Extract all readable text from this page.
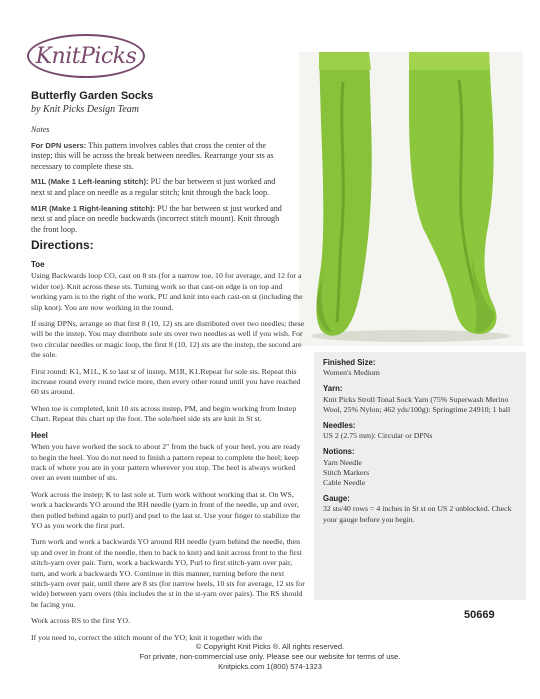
KnitPicks
Butterfly Garden Socks
by Knit Picks Design Team

Notes

For DPN users: This pattern involves cables that cross the center of the instep; this will be across the break between needles. Rearrange your sts as necessary to complete these sts.

M1L (Make 1 Left-leaning stitch): PU the bar between st just worked and next st and place on needle as a regular stitch; knit through the back loop.

M1R (Make 1 Right-leaning stitch): PU the bar between st just worked and next st and place on needle backwards (incorrect stitch mount). Knit through the front loop.

Directions:
Toe

Using Backwards loop CO, cast on 8 sts (for a narrow toe, 10 for average, and 12 for a wider toe). Knit across these sts. Turning work so that cast-on edge is on top and working yarn is to the right of the work, PU and knit into each cast-on st (including the slip knot). You are now working in the round.

If using DPNs, arrange so that first 8 (10, 12) sts are distributed over two needles; these will be the instep. You may distribute sole sts over two needles as well if you wish. For two circular needles or magic loop, the first 8 (10, 12) sts are the instep, the second are the sole.

First round: K1, M1L, K to last st of instep, M1R, K1.Repeat for sole sts. Repeat this increase round every round twice more, then every other round until you have reached 60 sts around.

When toe is completed, knit 10 sts across instep, PM, and begin working from Instep Chart. Repeat this chart up the foot. The sole/heel side sts are knit in St st.

Heel

When you have worked the sock to about 2" from the back of your heel, you are ready to begin the heel. You do not need to finish a pattern repeat to complete the heel; keep track of where you are in your pattern wherever you stop. The heel is always worked over an even number of sts.

Work across the instep; K to last sole st. Turn work without working that st. On WS, work a backwards YO around the RH needle (yarn in front of the needle, up and over, then pulled behind again to purl) and purl to the last st. Use your finger to stabilize the YO as you work the first purl.

Turn work and work a backwards YO around RH needle (yarn behind the needle, then up and over in front of the needle, then to back to knit) and knit across front to the first stitch-yarn over pair. Turn, work a backwards YO, Purl to first stitch-yarn over pair, turn, and work a backwards YO. Continue in this manner, turning before the next stitch-yarn over pair, until there are 8 sts (for narrow heels, 10 sts for average, 12 sts for wide) between yarn overs (this includes the st in the st-yarn over pairs). The RS should be facing you.

Work across RS to the first YO.

If you need to, correct the stitch mount of the YO; knit it together with the

Finished Size:
Women's Medium
Yarn:
Knit Picks Stroll Tonal Sock Yarn (75% Superwash Merino Wool, 25% Nylon; 462 yds/100g): Springtime 24910; 1 ball
Needles:
US 2 (2.75 mm): Circular or DPNs
Notions:
Yarn Needle
Stitch Markers
Cable Needle
Gauge:
32 sts/40 rows = 4 inches in St st on US 2 unblocked. Check your gauge before you begin.
50669
© Copyright Knit Picks ®. All rights reserved.
For private, non-commercial use only. Please see our website for terms of use.
Knitpicks.com 1(800) 574-1323
